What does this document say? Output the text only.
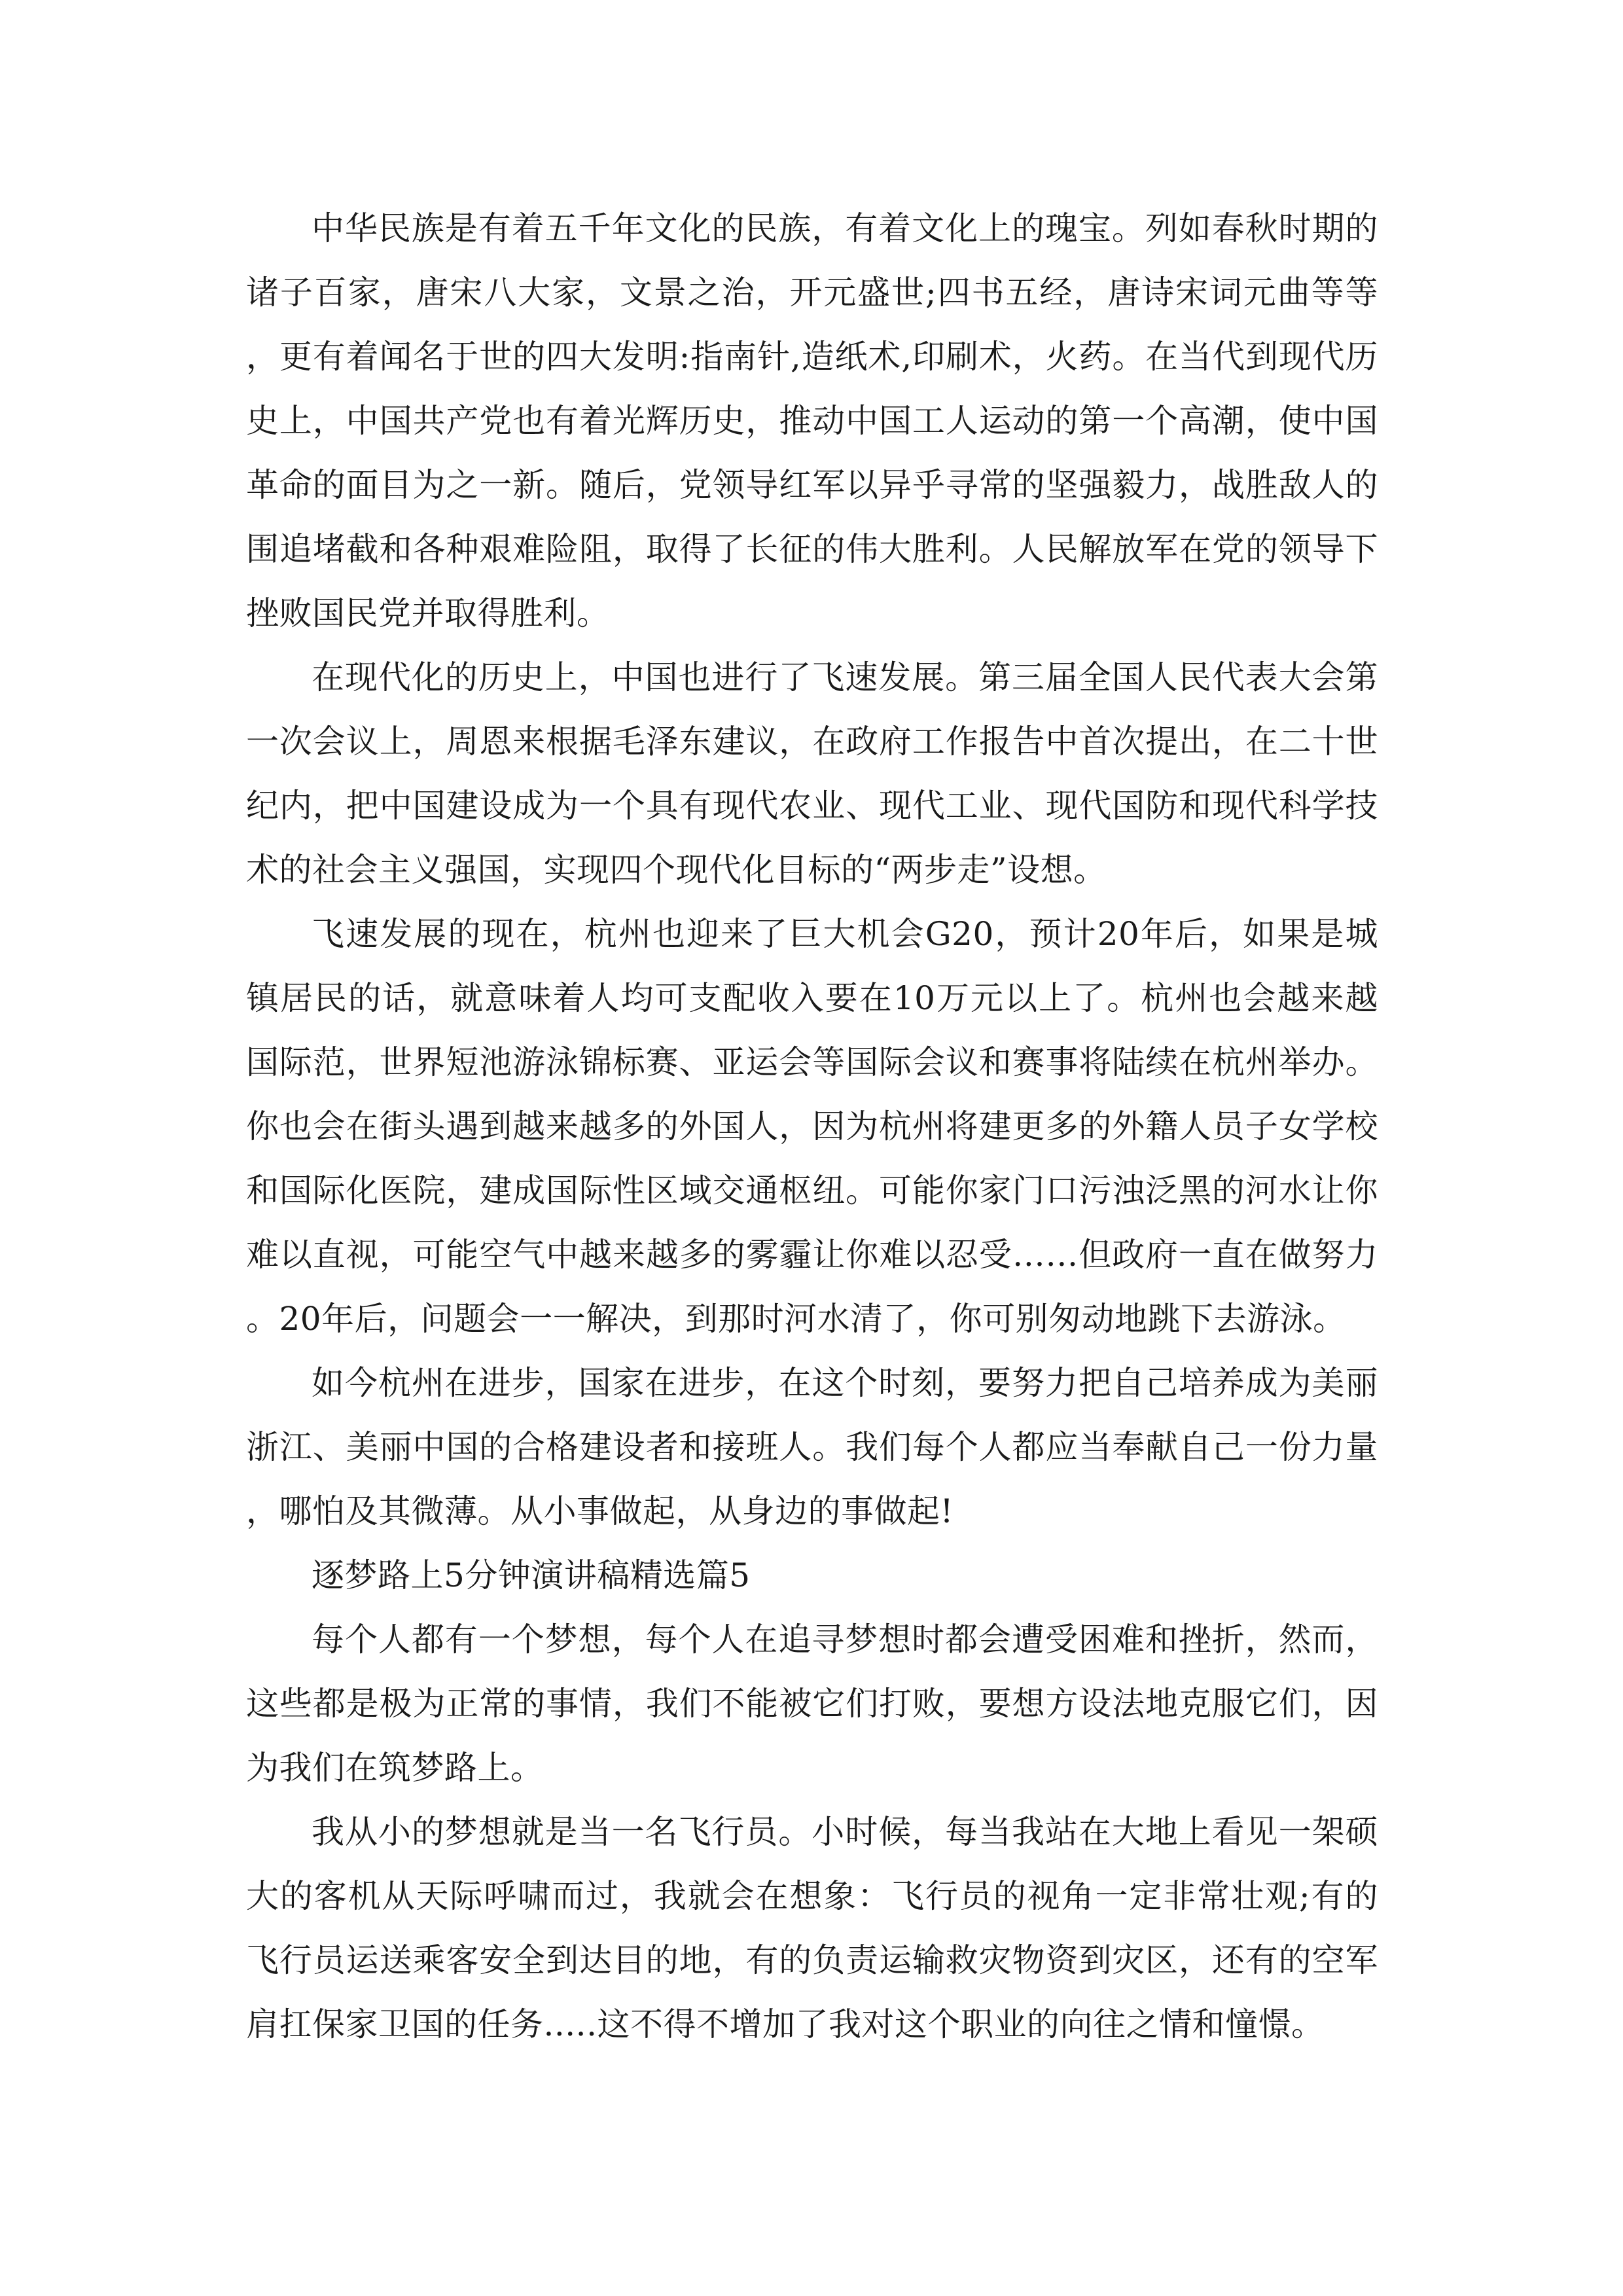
中华民族是有着五千年文化的民族，有着文化上的瑰宝。列如春秋时期的诸子百家，唐宋八大家，文景之治，开元盛世;四书五经，唐诗宋词元曲等等，更有着闻名于世的四大发明:指南针,造纸术,印刷术，火药。在当代到现代历史上，中国共产党也有着光辉历史，推动中国工人运动的第一个高潮，使中国革命的面目为之一新。随后，党领导红军以异乎寻常的坚强毅力，战胜敌人的围追堵截和各种艰难险阻，取得了长征的伟大胜利。人民解放军在党的领导下挫败国民党并取得胜利。

在现代化的历史上，中国也进行了飞速发展。第三届全国人民代表大会第一次会议上，周恩来根据毛泽东建议，在政府工作报告中首次提出，在二十世纪内，把中国建设成为一个具有现代农业、现代工业、现代国防和现代科学技术的社会主义强国，实现四个现代化目标的“两步走”设想。

飞速发展的现在，杭州也迎来了巨大机会G20，预计20年后，如果是城镇居民的话，就意味着人均可支配收入要在10万元以上了。杭州也会越来越国际范，世界短池游泳锦标赛、亚运会等国际会议和赛事将陆续在杭州举办。你也会在街头遇到越来越多的外国人，因为杭州将建更多的外籍人员子女学校和国际化医院，建成国际性区域交通枢纽。可能你家门口污浊泛黑的河水让你难以直视，可能空气中越来越多的雾霾让你难以忍受……但政府一直在做努力。20年后，问题会一一解决，到那时河水清了，你可别匆动地跳下去游泳。

如今杭州在进步，国家在进步，在这个时刻，要努力把自己培养成为美丽浙江、美丽中国的合格建设者和接班人。我们每个人都应当奉献自己一份力量，哪怕及其微薄。从小事做起，从身边的事做起!

逐梦路上5分钟演讲稿精选篇5

每个人都有一个梦想，每个人在追寻梦想时都会遭受困难和挫折，然而，这些都是极为正常的事情，我们不能被它们打败，要想方设法地克服它们，因为我们在筑梦路上。

我从小的梦想就是当一名飞行员。小时候，每当我站在大地上看见一架硕大的客机从天际呼啸而过，我就会在想象：飞行员的视角一定非常壮观;有的飞行员运送乘客安全到达目的地，有的负责运输救灾物资到灾区，还有的空军肩扛保家卫国的任务.....这不得不增加了我对这个职业的向往之情和憧憬。
